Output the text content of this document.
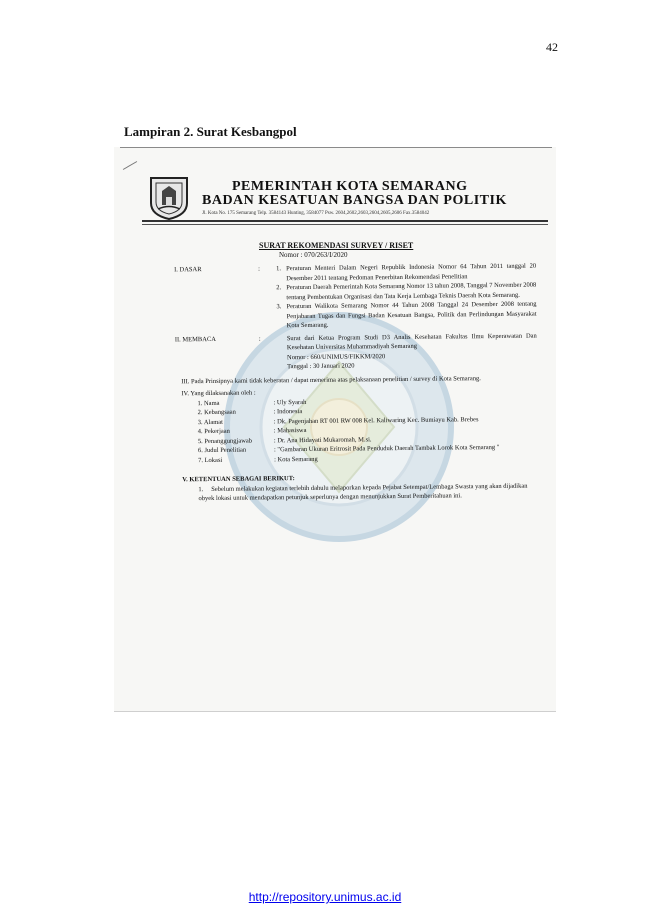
42
Lampiran 2. Surat Kesbangpol
PEMERINTAH KOTA SEMARANG
BADAN KESATUAN BANGSA DAN POLITIK
Jl. Kota No. 175 Semarang Telp. 3584143 Hunting, 3584077 Psw. 2604,2602,2603,2604,2605,2606 Fax.3584042
SURAT REKOMENDASI SURVEY / RISET
Nomor : 070/263/I/2020
I. DASAR	: 1. Peraturan Menteri Dalam Negeri Republik Indonesia Nomor 64 Tahun 2011 tanggal 20 Desember 2011 tentang Pedoman Penerbitan Rekomendasi Penelitian
2. Peraturan Daerah Pemerintah Kota Semarang Nomor 13 tahun 2008, Tanggal 7 November 2008 tentang Pembentukan Organisasi dan Tata Kerja Lembaga Teknis Daerah Kota Semarang.
3. Peraturan Walikota Semarang Nomor 44 Tahun 2008 Tanggal 24 Desember 2008 tentang Penjabaran Tugas dan Fungsi Badan Kesatuan Bangsa, Politik dan Perlindungan Masyarakat Kota Semarang.
II. MEMBACA	:	Surat dari Ketua Program Studi D3 Analis Kesehatan Fakultas Ilmu Keperawatan Dan Kesehatan Universitas Muhammadiyah Semarang
Nomor : 660/UNIMUS/FIKKM/2020
Tanggal : 30 Januari 2020
III. Pada Prinsipnya kami tidak keberatan / dapat menerima atas pelaksanaan penelitian / survey di Kota Semarang.
IV. Yang dilaksanakan oleh :
1. Nama	: Uly Syarah
2. Kebangsaan	: Indonesia
3. Alamat	: Dk. Pagenjahan RT 001 RW 008 Kel. Kaliwaring Kec. Bumiayu Kab. Brebes
4. Pekerjaan	: Mahasiswa
5. Penanggungjawab	: Dr. Ana Hidayati Mukaromah, M.si.
6. Judul Penelitian	: "Gambaran Ukuran Eritrosit Pada Penduduk Daerah Tambak Lorok Kota Semarang "
7. Lokasi	: Kota Semarang
V. KETENTUAN SEBAGAI BERIKUT:
1. Sebelum melakukan kegiatan terlebih dahulu melaporkan kepada Pejabat Setempat/Lembaga Swasta yang akan dijadikan obyek lokasi untuk mendapatkan petunjuk seperlunya dengan menunjukkan Surat Pemberitahuan ini.
http://repository.unimus.ac.id
